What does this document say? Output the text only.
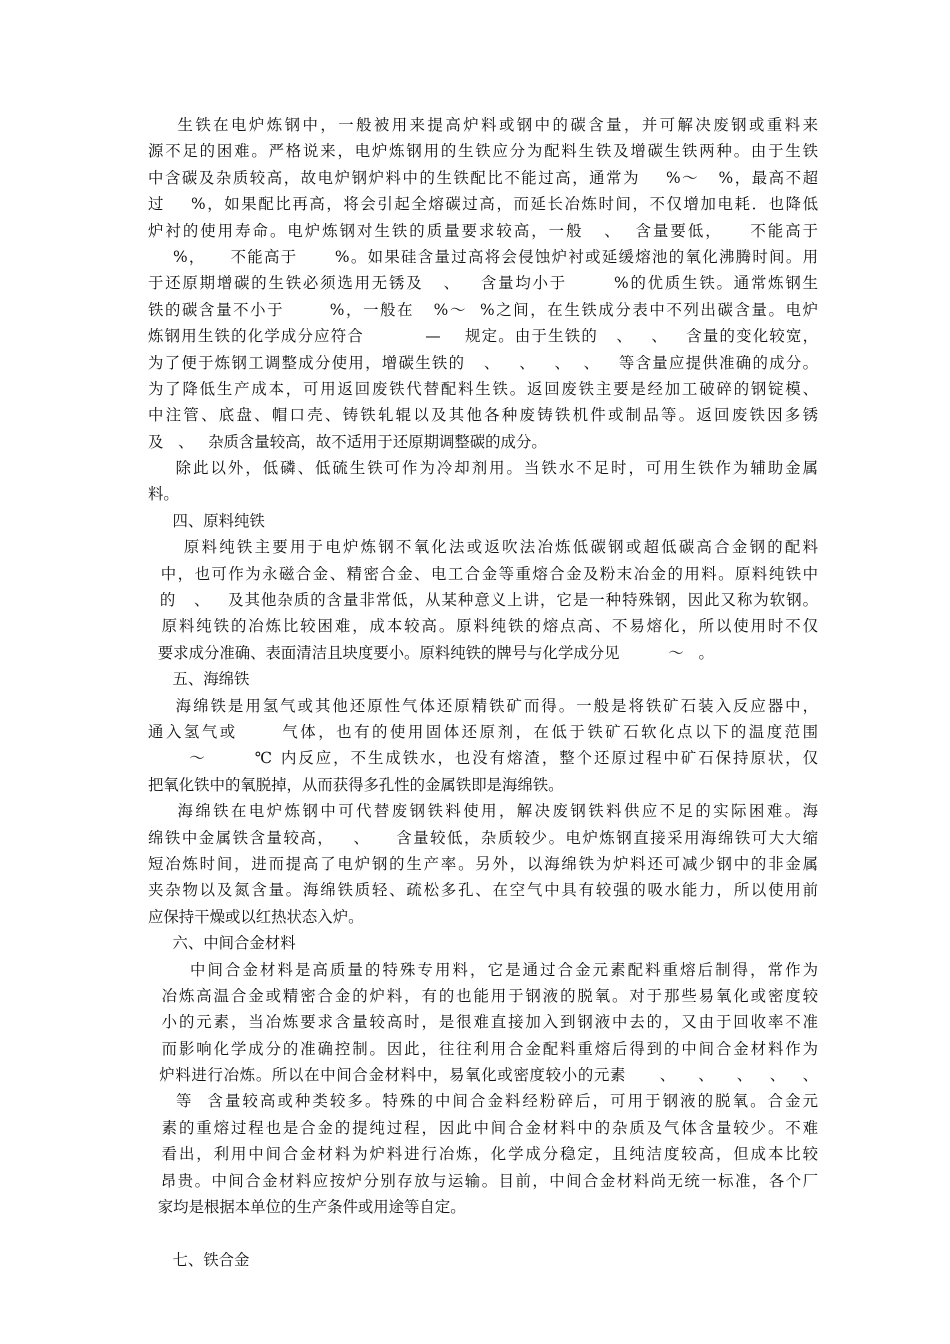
生铁在电炉炼钢中，一般被用来提高炉料或钢中的碳含量，并可解决废钢或重料来
源不足的困难。严格说来，电炉炼钢用的生铁应分为配料生铁及增碳生铁两种。由于生铁
中含碳及杂质较高，故电炉钢炉料中的生铁配比不能过高，通常为    %～   %，最高不超
过    %，如果配比再高，将会引起全熔碳过高，而延长冶炼时间，不仅增加电耗．也降低
炉衬的使用寿命。电炉炼钢对生铁的质量要求较高，一般   、  含量要低，    不能高于
%，    不能高于      %。如果硅含量过高将会侵蚀炉衬或延缓熔池的氧化沸腾时间。用
于还原期增碳的生铁必须选用无锈及   、   含量均小于       %的优质生铁。通常炼钢生
铁的碳含量不小于       %，一般在   %～  %之间，在生铁成分表中不列出碳含量。电炉
炼钢用生铁的化学成分应符合          —    规定。由于生铁的   、   、   含量的变化较宽，
为了便于炼钢工调整成分使用，增碳生铁的   、   、   、  、   等含量应提供准确的成分。
为了降低生产成本，可用返回废铁代替配料生铁。返回废铁主要是经加工破碎的钢锭模、
中注管、底盘、帽口壳、铸铁轧辊以及其他各种废铸铁机件或制品等。返回废铁因多锈
及   、   杂质含量较高，故不适用于还原期调整碳的成分。
除此以外，低磷、低硫生铁可作为冷却剂用。当铁水不足时，可用生铁作为辅助金属
料。
四、原料纯铁
原料纯铁主要用于电炉炼钢不氧化法或返吹法冶炼低碳钢或超低碳高合金钢的配料
中，也可作为永磁合金、精密合金、电工合金等重熔合金及粉末冶金的用料。原料纯铁中
的   、   及其他杂质的含量非常低，从某种意义上讲，它是一种特殊钢，因此又称为软钢。
原料纯铁的冶炼比较困难，成本较高。原料纯铁的熔点高、不易熔化，所以使用时不仅
要求成分准确、表面清洁且块度要小。原料纯铁的牌号与化学成分见          ～   。
五、海绵铁
海绵铁是用氢气或其他还原性气体还原精铁矿而得。一般是将铁矿石装入反应器中，
通入氢气或      气体，也有的使用固体还原剂，在低于铁矿石软化点以下的温度范围
～       ℃ 内反应，不生成铁水，也没有熔渣，整个还原过程中矿石保持原状，仅
把氧化铁中的氧脱掉，从而获得多孔性的金属铁即是海绵铁。
海绵铁在电炉炼钢中可代替废钢铁料使用，解决废钢铁料供应不足的实际困难。海
绵铁中金属铁含量较高，   、    含量较低，杂质较少。电炉炼钢直接采用海绵铁可大大缩
短冶炼时间，进而提高了电炉钢的生产率。另外，以海绵铁为炉料还可减少钢中的非金属
夹杂物以及氮含量。海绵铁质轻、疏松多孔、在空气中具有较强的吸水能力，所以使用前
应保持干燥或以红热状态入炉。
六、中间合金材料
中间合金材料是高质量的特殊专用料，它是通过合金元素配料重熔后制得，常作为
冶炼高温合金或精密合金的炉料，有的也能用于钢液的脱氧。对于那些易氧化或密度较
小的元素，当冶炼要求含量较高时，是很难直接加入到钢液中去的，又由于回收率不准
而影响化学成分的准确控制。因此，往往利用合金配料重熔后得到的中间合金材料作为
炉料进行冶炼。所以在中间合金材料中，易氧化或密度较小的元素      、    、    、   、   、
等  含量较高或种类较多。特殊的中间合金料经粉碎后，可用于钢液的脱氧。合金元
素的重熔过程也是合金的提纯过程，因此中间合金材料中的杂质及气体含量较少。不难
看出，利用中间合金材料为炉料进行冶炼，化学成分稳定，且纯洁度较高，但成本比较
昂贵。中间合金材料应按炉分别存放与运输。目前，中间合金材料尚无统一标准，各个厂
家均是根据本单位的生产条件或用途等自定。
七、铁合金
